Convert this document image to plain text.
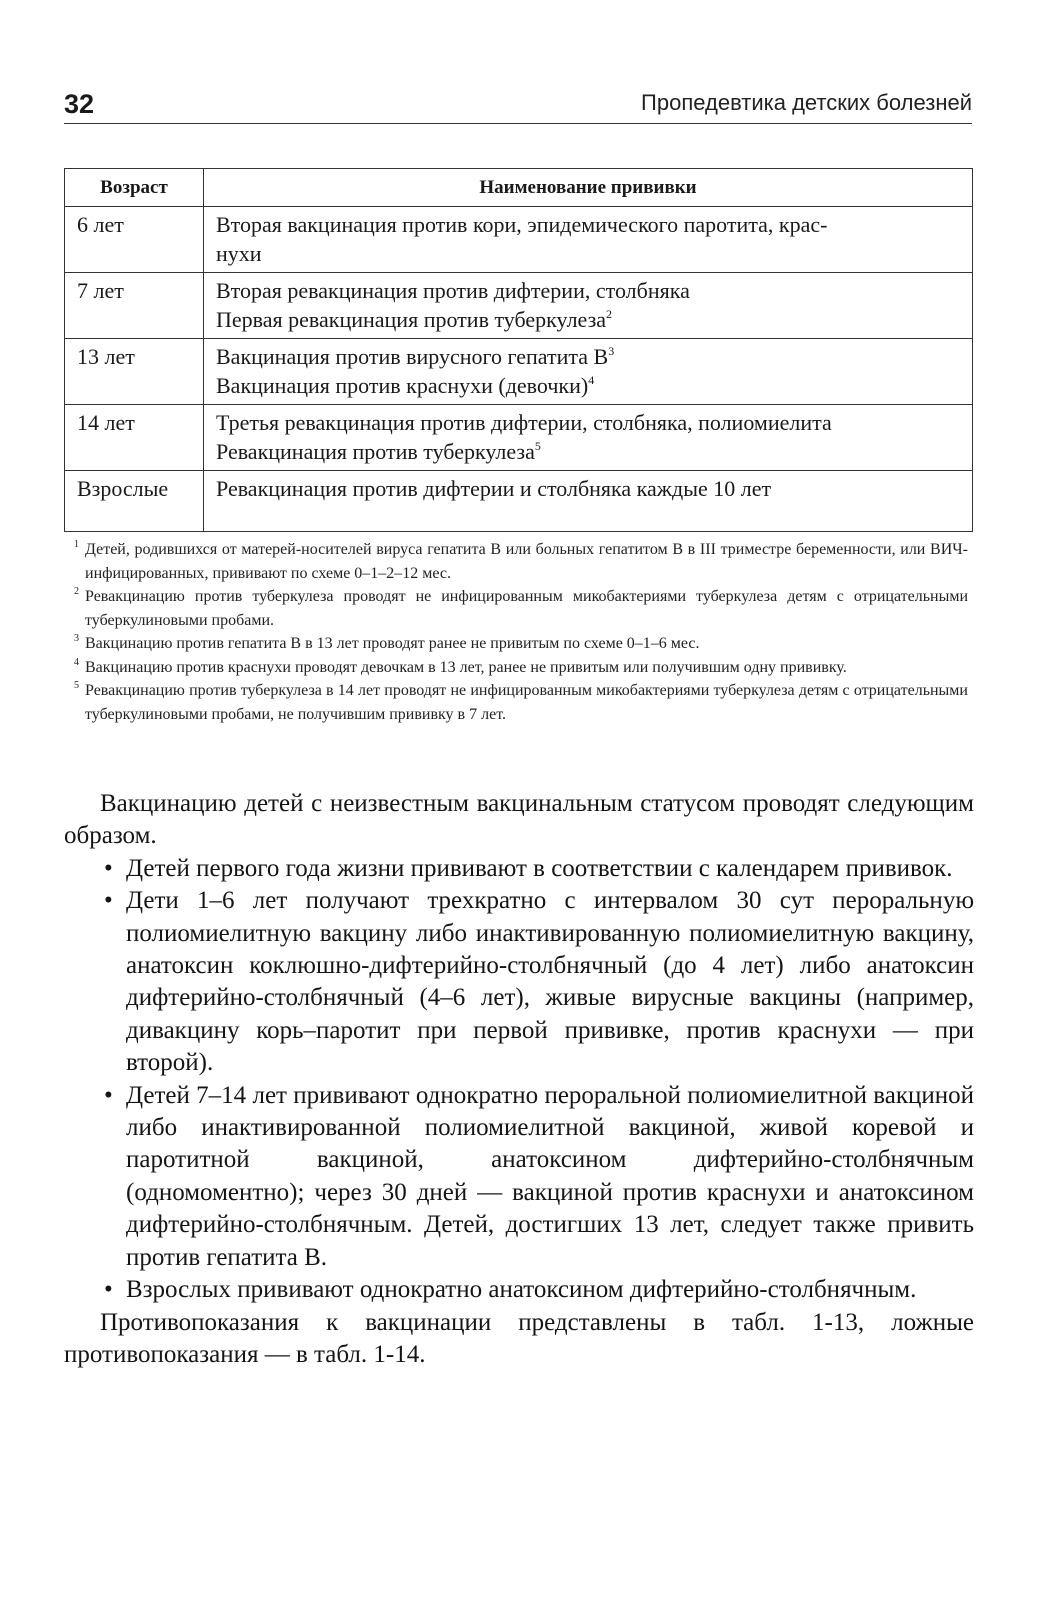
32	Пропедевтика детских болезней
Возраст	Наименование прививки
6 лет	Вторая вакцинация против кори, эпидемического паротита, крас-
нухи

7 лет	Вторая ревакцинация против дифтерии, столбняка
Первая ревакцинация против туберкулеза$^2$

13 лет	Вакцинация против вирусного гепатита $В^3$
Вакцинация против краснухи (девочки)$^4$

14 лет	Третья ревакцинация против дифтерии, столбняка, полиомиелита
Ревакцинация против туберкулеза$^5$

Взрослые	Ревакцинация против дифтерии и столбняка каждые 10 лет
1 Детей, родившихся от матерей-носителей вируса гепатита В или больных гепатитом В в III триместре беременности, или ВИЧ-инфицированных, прививают по схеме 0–1–2–12 мес.
2 Ревакцинацию против туберкулеза проводят не инфицированным микобактериями туберкулеза детям с отрицательными туберкулиновыми пробами.
3 Вакцинацию против гепатита В в 13 лет проводят ранее не привитым по схеме 0–1–6 мес.
4 Вакцинацию против краснухи проводят девочкам в 13 лет, ранее не привитым или получившим одну прививку.
5 Ревакцинацию против туберкулеза в 14 лет проводят не инфицированным микобактериями туберкулеза детям с отрицательными туберкулиновыми пробами, не получившим прививку в 7 лет.

Вакцинацию детей с неизвестным вакцинальным статусом проводят следующим образом.

• Детей первого года жизни прививают в соответствии с календарем прививок.
• Дети 1–6 лет получают трехкратно с интервалом 30 сут пероральную полиомиелитную вакцину либо инактивированную полиомиелитную вакцину, анатоксин коклюшно-дифтерийно-столбнячный (до 4 лет) либо анатоксин дифтерийно-столбнячный (4–6 лет), живые вирусные вакцины (например, дивакцину корь–паротит при первой прививке, против краснухи — при второй).
• Детей 7–14 лет прививают однократно пероральной полиомиелитной вакциной либо инактивированной полиомиелитной вакциной, живой коревой и паротитной вакциной, анатоксином дифтерийно-столбнячным (одномоментно); через 30 дней — вакциной против краснухи и анатоксином дифтерийно-столбнячным. Детей, достигших 13 лет, следует также привить против гепатита В.
• Взрослых прививают однократно анатоксином дифтерийно-столбнячным.

Противопоказания к вакцинации представлены в табл. 1-13, ложные противопоказания — в табл. 1-14.
